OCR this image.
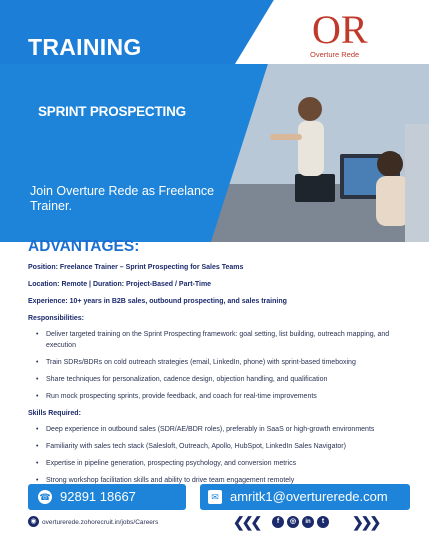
TRAINING	OR
Overture Rede
SPRINT PROSPECTING
Join Overture Rede as Freelance Trainer.
ADVANTAGES:
Position: Freelance Trainer – Sprint Prospecting for Sales Teams
Location: Remote | Duration: Project-Based / Part-Time
Experience: 10+ years in B2B sales, outbound prospecting, and sales training
Responsibilities:
• Deliver targeted training on the Sprint Prospecting framework: goal setting, list building, outreach mapping, and execution
• Train SDRs/BDRs on cold outreach strategies (email, LinkedIn, phone) with sprint-based timeboxing
• Share techniques for personalization, cadence design, objection handling, and qualification
• Run mock prospecting sprints, provide feedback, and coach for real-time improvements
Skills Required:
• Deep experience in outbound sales (SDR/AE/BDR roles), preferably in SaaS or high-growth environments
• Familiarity with sales tech stack (Salesloft, Outreach, Apollo, HubSpot, LinkedIn Sales Navigator)
• Expertise in pipeline generation, prospecting psychology, and conversion metrics
• Strong workshop facilitation skills and ability to drive team engagement remotely
☎ 92891 18667	✉ amritk1@overturerede.com
◉ overturerede.zohorecruit.in/jobs/Careers	❮❮❮	f	◎	in	t	❯❯❯
